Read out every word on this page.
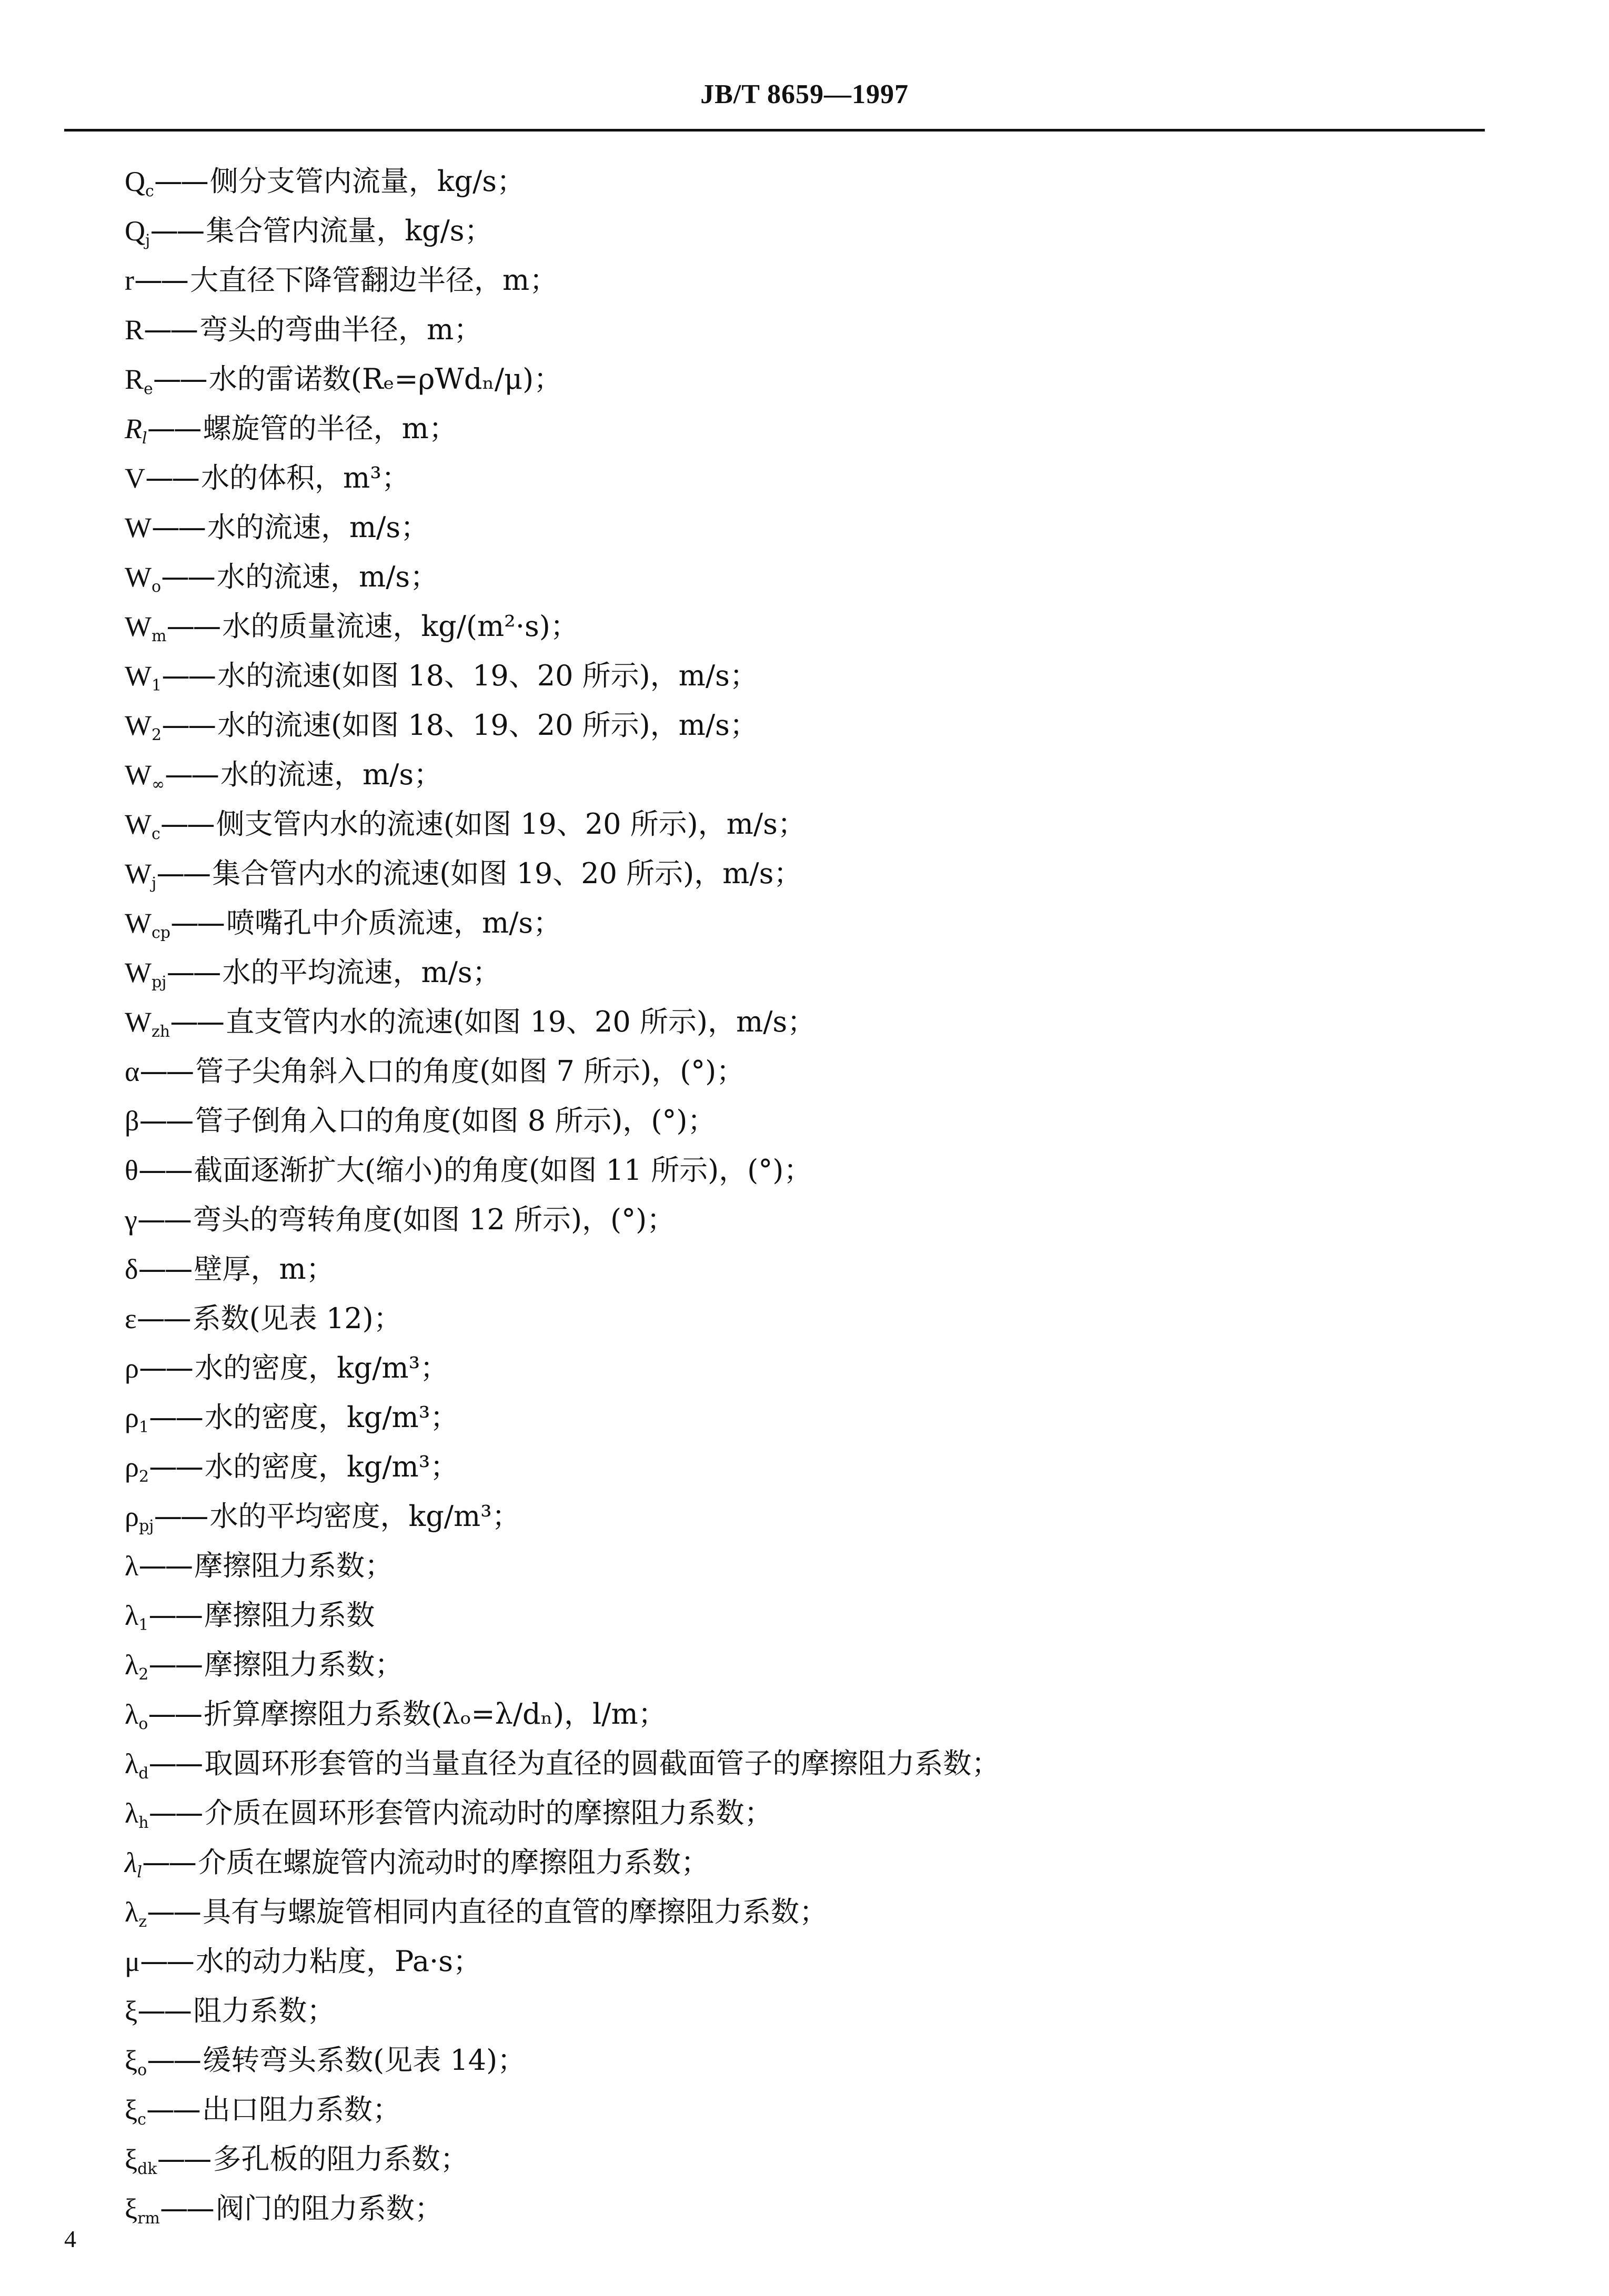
JB/T 8659—1997
$Q_c——$ 侧分支管内流量，kg/s；
$Q_j——$ 集合管内流量，kg/s；
r—— 大直径下降管翻边半径，m；
R—— 弯头的弯曲半径，m；
$R_e——$ 水的雷诺数(Rₑ=ρWdₙ/μ)；
$R_l——$ 螺旋管的半径，m；
V—— 水的体积，m³；
W—— 水的流速，m/s；
$W_o——$ 水的流速，m/s；
$W_m——$ 水的质量流速，kg/(m²·s)；
$W_1——$ 水的流速(如图 18、19、20 所示)，m/s；
$W_2——$ 水的流速(如图 18、19、20 所示)，m/s；
$W_\infty——$ 水的流速，m/s；
$W_c——$ 侧支管内水的流速(如图 19、20 所示)，m/s；
$W_j——$ 集合管内水的流速(如图 19、20 所示)，m/s；
$W_{cp}——$ 喷嘴孔中介质流速，m/s；
$W_{pj}——$ 水的平均流速，m/s；
$W_{zh}——$ 直支管内水的流速(如图 19、20 所示)，m/s；
α—— 管子尖角斜入口的角度(如图 7 所示)，(°)；
β—— 管子倒角入口的角度(如图 8 所示)，(°)；
θ—— 截面逐渐扩大(缩小)的角度(如图 11 所示)，(°)；
γ—— 弯头的弯转角度(如图 12 所示)，(°)；
δ—— 壁厚，m；
ε—— 系数(见表 12)；
ρ—— 水的密度，kg/m³；
$\rho_1——$ 水的密度，kg/m³；
$\rho_2——$ 水的密度，kg/m³；
$\rho_{pj}——$ 水的平均密度，kg/m³；
λ—— 摩擦阻力系数；
$\lambda_1——$ 摩擦阻力系数
$\lambda_2——$ 摩擦阻力系数；
$\lambda_o——$ 折算摩擦阻力系数(λₒ=λ/dₙ)，l/m；
$\lambda_d——$ 取圆环形套管的当量直径为直径的圆截面管子的摩擦阻力系数；
$\lambda_h——$ 介质在圆环形套管内流动时的摩擦阻力系数；
$\lambda_l——$ 介质在螺旋管内流动时的摩擦阻力系数；
$\lambda_z——$ 具有与螺旋管相同内直径的直管的摩擦阻力系数；
μ—— 水的动力粘度，Pa·s；
ξ—— 阻力系数；
$\xi_o——$ 缓转弯头系数(见表 14)；
$\xi_c——$ 出口阻力系数；
$\xi_{dk}——$ 多孔板的阻力系数；
$\xi_{rm}——$ 阀门的阻力系数；
4
